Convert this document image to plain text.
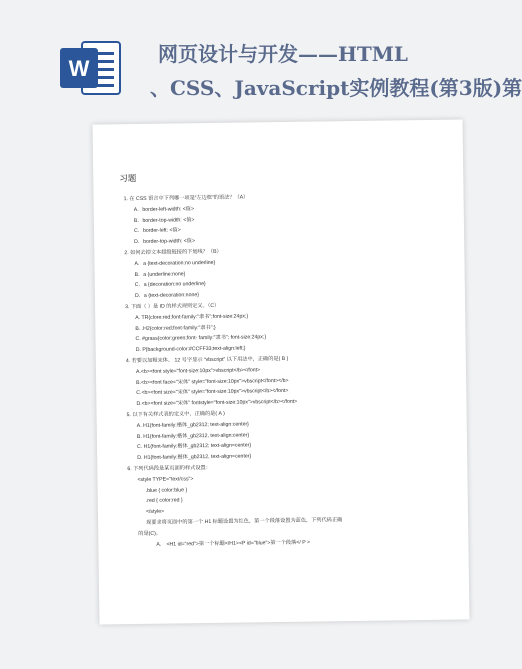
W
网页设计与开发——HTML
、CSS、JavaScript实例教程(第3版)第
习题
1. 在 CSS 语言中下列哪一项是“左边框”的语法？（A）
A．border-left-width: <值>
B．border-top-width: <值>
C．border-left: <值>
D．border-top-width: <值>
2. 如何去掉文本超级链接的下划线？（B）
A．a {text-decoration:no underline}
B．a {underline:none}
C．a {decoration:no underline}
D．a {text-decoration:none}
3. 下面（ ）是 ID 的样式规则定义。（C）
A. TR{clore:red;font-family:"隶书";font-size:24px;}
B. .H2{color:red;font-family:"隶书";}
C. #grass{color:green;font- family:"隶书"; font-size:24px;}
D. P{background-color:#CCFF33;text-align:left;}
4. 若要以加粗宋体、 12 号字显示 “vbscript” 以下用法中，正确的是( B )
A.<b><font style="font-size:10px">vbscript</b></font>
B.<b><font face="宋体" style="font-size:10px">vbscript</font></b>
C.<b><font size="宋体" style="font-size:10px">vbscript</b></font>
D.<b><font size="宋体" fontstyle="font-size:10px">vbscript</b></font>
5. 以下有关样式表的定义中，正确的是( A )
A. H1{font-family:楷体_gb2312; text-align:center}
B. H1{font-family:楷体_gb2312, text-align:center}
C. H1{font-family:楷体_gb2312; text-align=center}
D. H1{font-family:楷体_gb2312, text-align=center}
6. 下列代码段是某页面的样式设置：
<style TYPE="text/css">
.blue { color:blue }
.red { color:red }
</style>
现要求将页面中的第一个 H1 标题设置为红色，第一个段落设置为蓝色，下列代码正确
的是(C)。
A． <H1 id="red">第一个标题</H1><P id="blue">第一个段落</ P >
